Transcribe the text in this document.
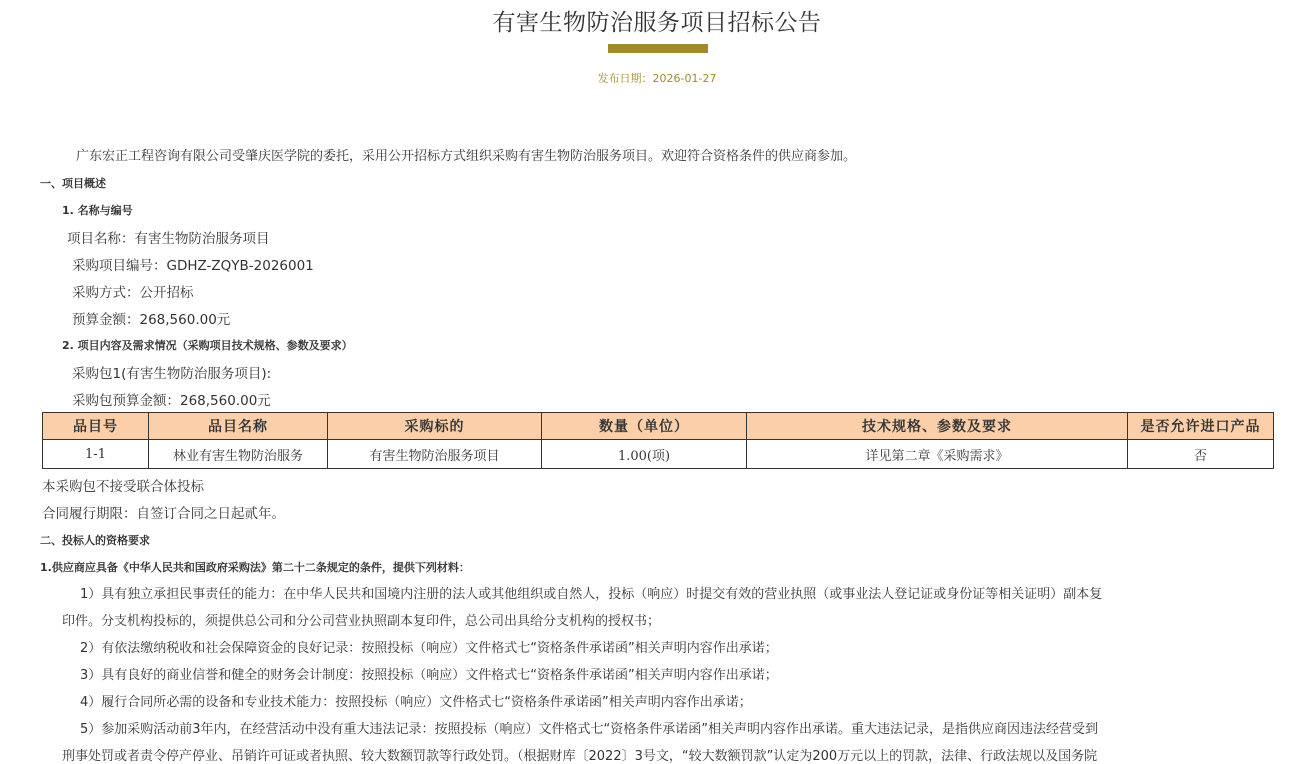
有害生物防治服务项目招标公告
发布日期：2026-01-27
广东宏正工程咨询有限公司受肇庆医学院的委托，采用公开招标方式组织采购有害生物防治服务项目。欢迎符合资格条件的供应商参加。
一、项目概述
1. 名称与编号
项目名称：有害生物防治服务项目
采购项目编号：GDHZ-ZQYB-2026001
采购方式：公开招标
预算金额：268,560.00元
2. 项目内容及需求情况（采购项目技术规格、参数及要求）
采购包1(有害生物防治服务项目):
采购包预算金额：268,560.00元
品目号	品目名称	采购标的	数量（单位）	技术规格、参数及要求	是否允许进口产品
1-1	林业有害生物防治服务	有害生物防治服务项目	1.00(项)	详见第二章《采购需求》	否
本采购包不接受联合体投标
合同履行期限：自签订合同之日起贰年。
二、投标人的资格要求
1.供应商应具备《中华人民共和国政府采购法》第二十二条规定的条件，提供下列材料：
1）具有独立承担民事责任的能力：在中华人民共和国境内注册的法人或其他组织或自然人，投标（响应）时提交有效的营业执照（或事业法人登记证或身份证等相关证明）副本复
印件。分支机构投标的，须提供总公司和分公司营业执照副本复印件，总公司出具给分支机构的授权书；
2）有依法缴纳税收和社会保障资金的良好记录：按照投标（响应）文件格式七“资格条件承诺函”相关声明内容作出承诺；
3）具有良好的商业信誉和健全的财务会计制度：按照投标（响应）文件格式七“资格条件承诺函”相关声明内容作出承诺；
4）履行合同所必需的设备和专业技术能力：按照投标（响应）文件格式七“资格条件承诺函”相关声明内容作出承诺；
5）参加采购活动前3年内，在经营活动中没有重大违法记录：按照投标（响应）文件格式七“资格条件承诺函”相关声明内容作出承诺。重大违法记录，是指供应商因违法经营受到
刑事处罚或者责令停产停业、吊销许可证或者执照、较大数额罚款等行政处罚。（根据财库〔2022〕3号文，“较大数额罚款”认定为200万元以上的罚款，法律、行政法规以及国务院
